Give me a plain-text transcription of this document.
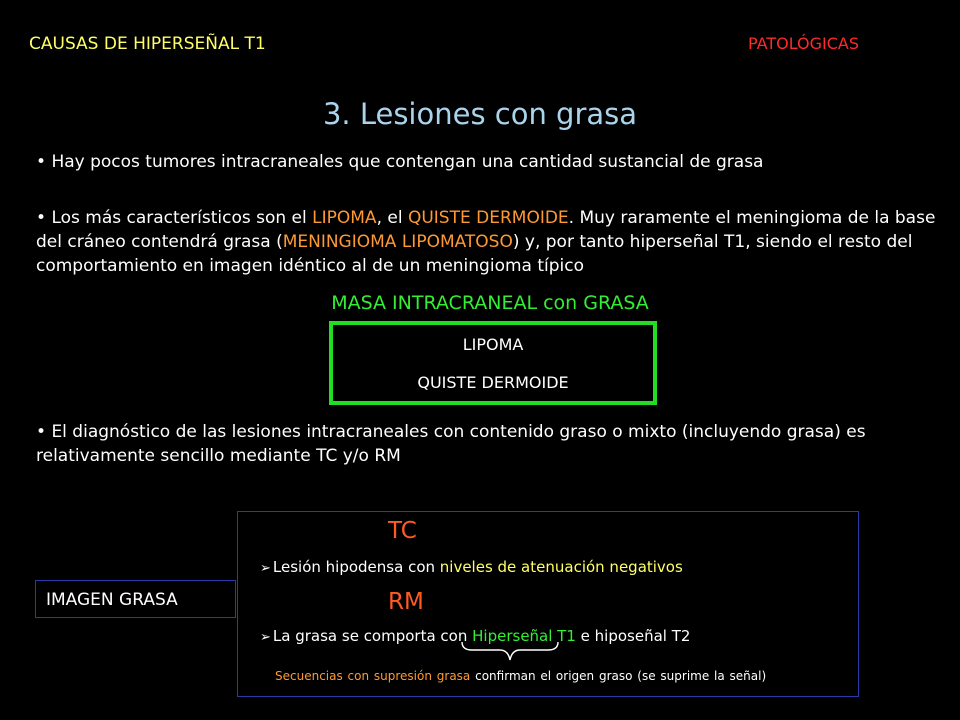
CAUSAS DE HIPERSEÑAL T1	PATOLÓGICAS
3. Lesiones con grasa
• Hay pocos tumores intracraneales que contengan una cantidad sustancial de grasa
• Los más característicos son el LIPOMA, el QUISTE DERMOIDE. Muy raramente el meningioma de la base del cráneo contendrá grasa (MENINGIOMA LIPOMATOSO) y, por tanto hiperseñal T1, siendo el resto del comportamiento en imagen idéntico al de un meningioma típico
MASA INTRACRANEAL con GRASA
LIPOMA
QUISTE DERMOIDE
• El diagnóstico de las lesiones intracraneales con contenido graso o mixto (incluyendo grasa) es relativamente sencillo mediante TC y/o RM
IMAGEN GRASA
TC
➢ Lesión hipodensa con niveles de atenuación negativos
RM
➢ La grasa se comporta con Hiperseñal T1 e hiposeñal T2
Secuencias con supresión grasa confirman el origen graso (se suprime la señal)
